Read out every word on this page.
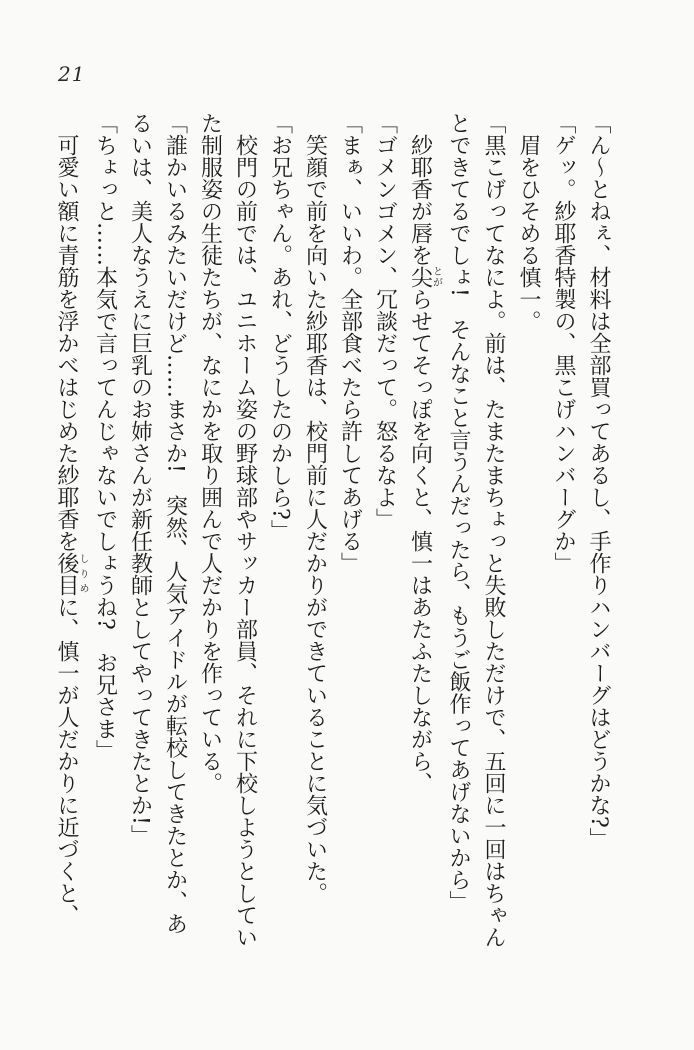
21
「ん〜とねぇ、材料は全部買ってあるし、手作りハンバーグはどうかな?」
「ゲッ。紗耶香特製の、黒こげハンバーグか」
眉をひそめる慎一。
「黒こげってなによ。前は、たまたまちょっと失敗しただけで、五回に一回はちゃん
とできてるでしょ!　そんなこと言うんだったら、もうご飯作ってあげないから」
紗耶香が唇を尖とがらせてそっぽを向くと、慎一はあたふたしながら、
「ゴメンゴメン、冗談だって。怒るなよ」
「まぁ、いいわ。全部食べたら許してあげる」
笑顔で前を向いた紗耶香は、校門前に人だかりができていることに気づいた。
「お兄ちゃん。あれ、どうしたのかしら?」
校門の前では、ユニホーム姿の野球部やサッカー部員、それに下校しようとしてい
た制服姿の生徒たちが、なにかを取り囲んで人だかりを作っている。
「誰かいるみたいだけど……まさか!　突然、人気アイドルが転校してきたとか、あ
るいは、美人なうえに巨乳のお姉さんが新任教師としてやってきたとか!」
「ちょっと……本気で言ってんじゃないでしょうね?　お兄さま」
可愛い額に青筋を浮かべはじめた紗耶香を後目しりめに、慎一が人だかりに近づくと、
